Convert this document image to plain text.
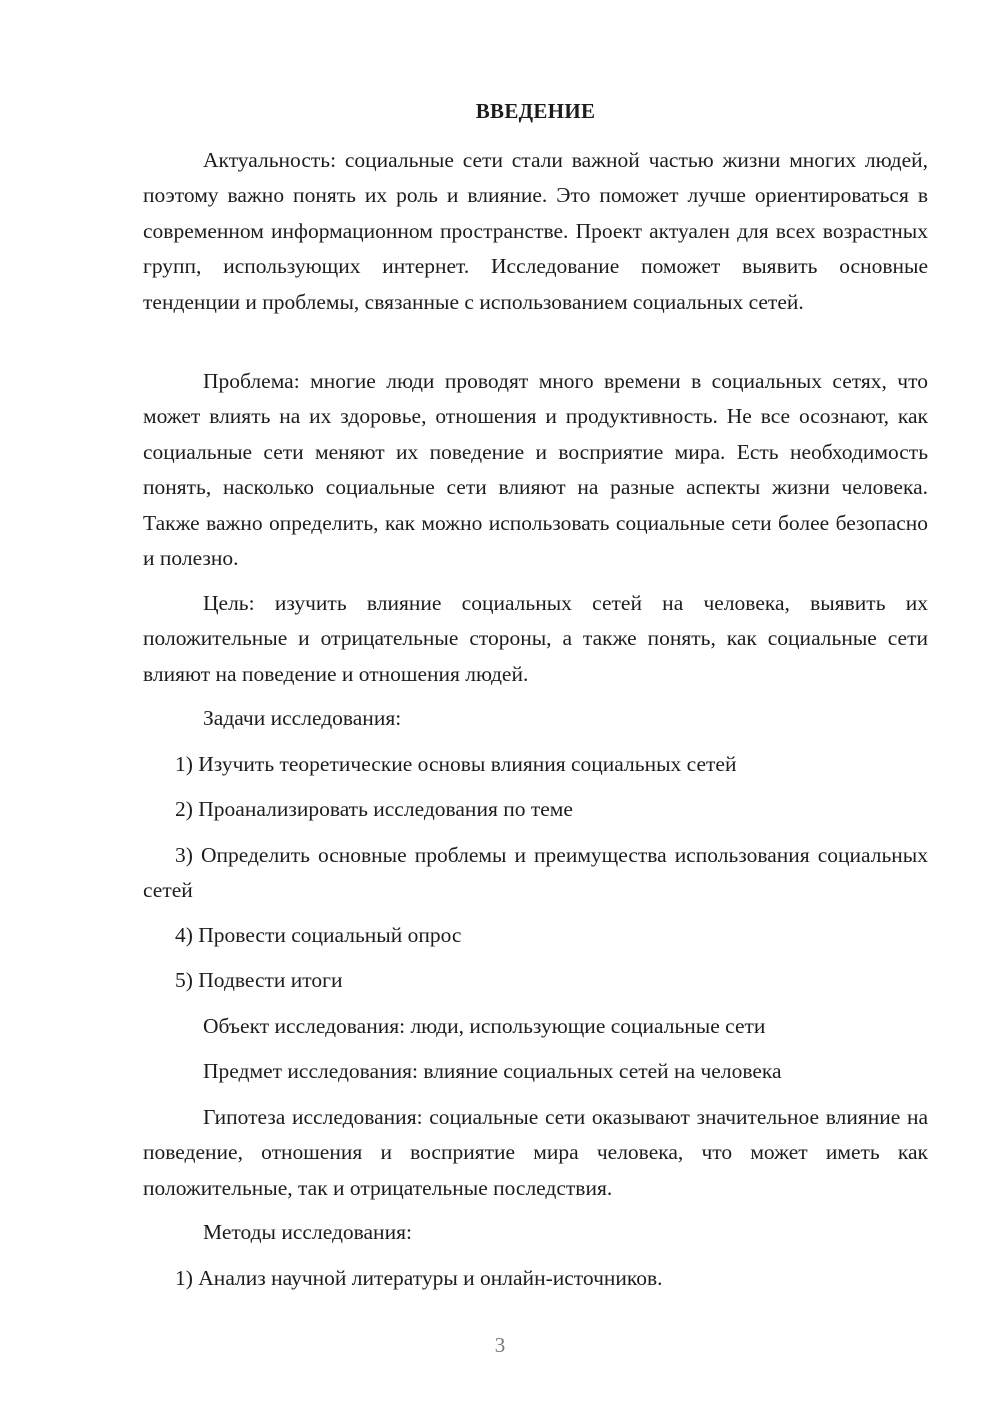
ВВЕДЕНИЕ

Актуальность: социальные сети стали важной частью жизни многих людей, поэтому важно понять их роль и влияние. Это поможет лучше ориентироваться в современном информационном пространстве. Проект актуален для всех возрастных групп, использующих интернет. Исследование поможет выявить основные тенденции и проблемы, связанные с использованием социальных сетей.

Проблема: многие люди проводят много времени в социальных сетях, что может влиять на их здоровье, отношения и продуктивность. Не все осознают, как социальные сети меняют их поведение и восприятие мира. Есть необходимость понять, насколько социальные сети влияют на разные аспекты жизни человека. Также важно определить, как можно использовать социальные сети более безопасно и полезно.

Цель: изучить влияние социальных сетей на человека, выявить их положительные и отрицательные стороны, а также понять, как социальные сети влияют на поведение и отношения людей.

Задачи исследования:

1) Изучить теоретические основы влияния социальных сетей

2) Проанализировать исследования по теме

3) Определить основные проблемы и преимущества использования социальных сетей

4) Провести социальный опрос

5) Подвести итоги

Объект исследования: люди, использующие социальные сети

Предмет исследования: влияние социальных сетей на человека

Гипотеза исследования: социальные сети оказывают значительное влияние на поведение, отношения и восприятие мира человека, что может иметь как положительные, так и отрицательные последствия.

Методы исследования:

1) Анализ научной литературы и онлайн-источников.

3
